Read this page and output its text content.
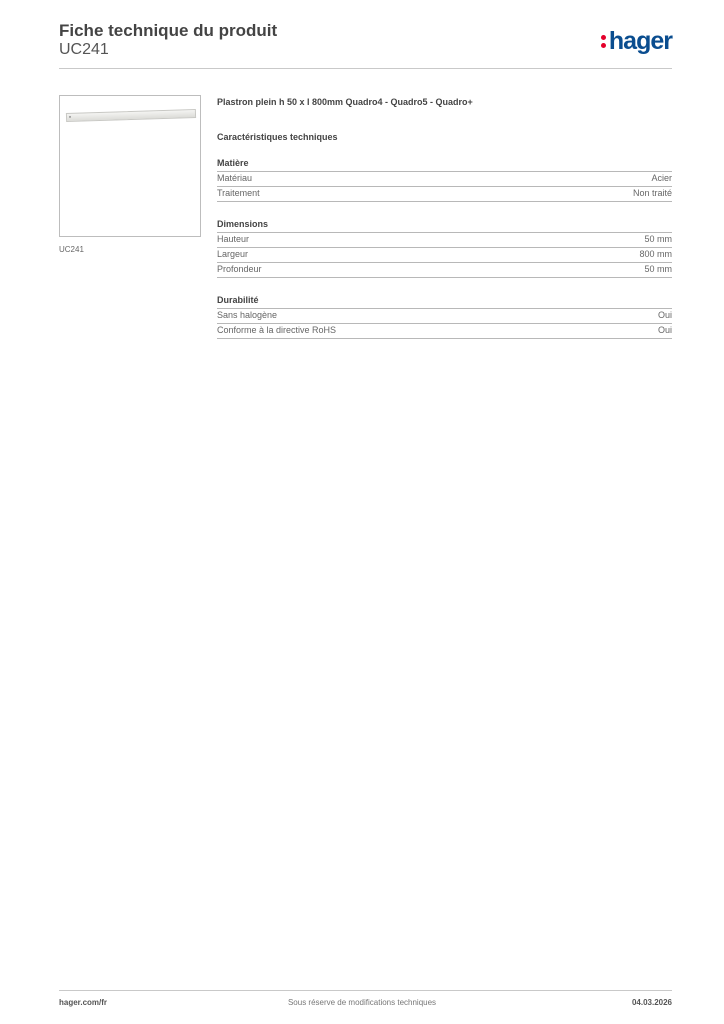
Fiche technique du produit
UC241	hager
UC241
Plastron plein h 50 x l 800mm Quadro4 - Quadro5 - Quadro+
Caractéristiques techniques
Matière
Matériau	Acier
Traitement	Non traité
Dimensions
Hauteur	50 mm
Largeur	800 mm
Profondeur	50 mm
Durabilité
Sans halogène	Oui
Conforme à la directive RoHS	Oui
hager.com/fr	Sous réserve de modifications techniques	04.03.2026
